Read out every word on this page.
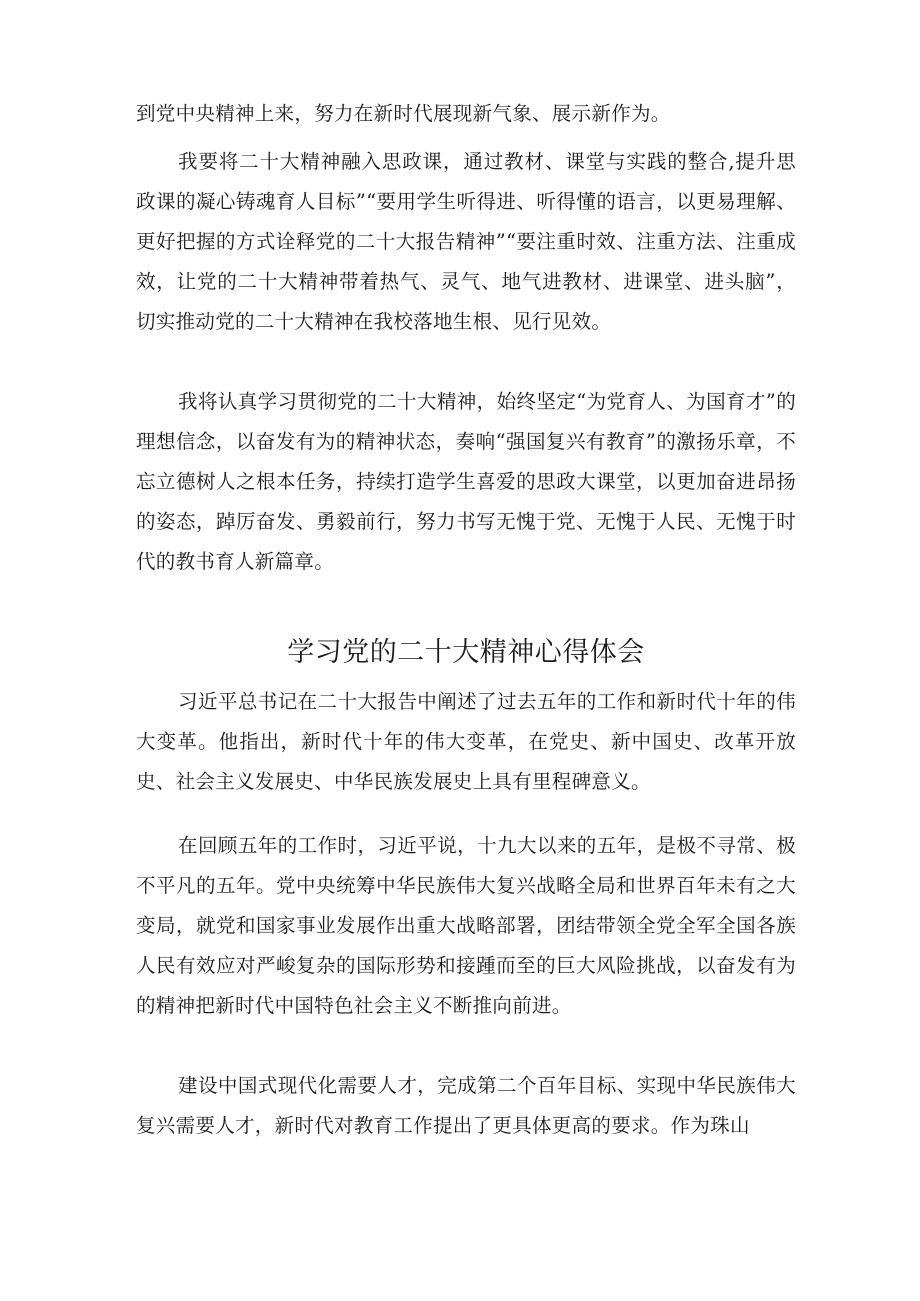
到党中央精神上来，努力在新时代展现新气象、展示新作为。

我要将二十大精神融入思政课，通过教材、课堂与实践的整合,提升思政课的凝心铸魂育人目标”“要用学生听得进、听得懂的语言，以更易理解、更好把握的方式诠释党的二十大报告精神”“要注重时效、注重方法、注重成效，让党的二十大精神带着热气、灵气、地气进教材、进课堂、进头脑”，切实推动党的二十大精神在我校落地生根、见行见效。

我将认真学习贯彻党的二十大精神，始终坚定“为党育人、为国育才”的理想信念，以奋发有为的精神状态，奏响“强国复兴有教育”的激扬乐章，不忘立德树人之根本任务，持续打造学生喜爱的思政大课堂，以更加奋进昂扬的姿态，踔厉奋发、勇毅前行，努力书写无愧于党、无愧于人民、无愧于时代的教书育人新篇章。

学习党的二十大精神心得体会

习近平总书记在二十大报告中阐述了过去五年的工作和新时代十年的伟大变革。他指出，新时代十年的伟大变革，在党史、新中国史、改革开放史、社会主义发展史、中华民族发展史上具有里程碑意义。

在回顾五年的工作时，习近平说，十九大以来的五年，是极不寻常、极不平凡的五年。党中央统筹中华民族伟大复兴战略全局和世界百年未有之大变局，就党和国家事业发展作出重大战略部署，团结带领全党全军全国各族人民有效应对严峻复杂的国际形势和接踵而至的巨大风险挑战，以奋发有为的精神把新时代中国特色社会主义不断推向前进。

建设中国式现代化需要人才，完成第二个百年目标、实现中华民族伟大复兴需要人才，新时代对教育工作提出了更具体更高的要求。作为珠山
